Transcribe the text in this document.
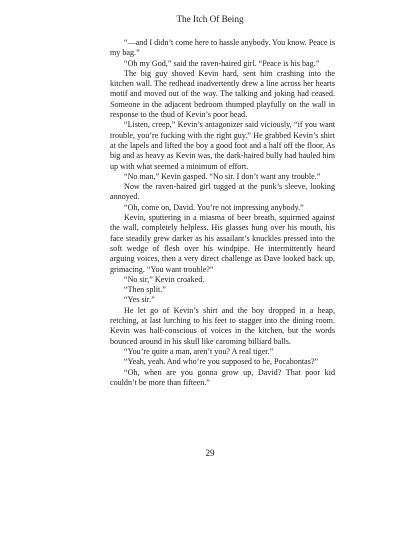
The Itch Of Being

“—and I didn’t come here to hassle anybody. You know. Peace is my bag.”

“Oh my God,” said the raven-haired girl. “Peace is his bag.”

The big guy shoved Kevin hard, sent him crashing into the kitchen wall. The redhead inadvertently drew a line across her hearts motif and moved out of the way. The talking and joking had ceased. Someone in the adjacent bedroom thumped playfully on the wall in response to the thud of Kevin’s poor head.

“Listen, creep,” Kevin’s antagonizer said viciously, “if you want trouble, you’re fucking with the right guy.” He grabbed Kevin’s shirt at the lapels and lifted the boy a good foot and a half off the floor. As big and as heavy as Kevin was, the dark-haired bully had hauled him up with what seemed a minimum of effort.

“No man,” Kevin gasped. “No sir. I don’t want any trouble.”

Now the raven-haired girl tugged at the punk’s sleeve, looking annoyed.

“Oh, come on, David. You’re not impressing anybody.”

Kevin, sputtering in a miasma of beer breath, squirmed against the wall, completely helpless. His glasses hung over his mouth, his face steadily grew darker as his assailant’s knuckles pressed into the soft wedge of flesh over his windpipe. He intermittently heard arguing voices, then a very direct challenge as Dave looked back up, grimacing. “You want trouble?”

“No sir,” Kevin croaked.

“Then split.”

“Yes sir.”

He let go of Kevin’s shirt and the boy dropped in a heap, retching, at last lurching to his feet to stagger into the dining room. Kevin was half-conscious of voices in the kitchen, but the words bounced around in his skull like caroming billiard balls.

“You’re quite a man, aren’t you? A real tiger.”

“Yeah, yeah. And who’re you supposed to be, Pocahontas?”

“Oh, when are you gonna grow up, David? That poor kid couldn’t be more than fifteen.”

29
